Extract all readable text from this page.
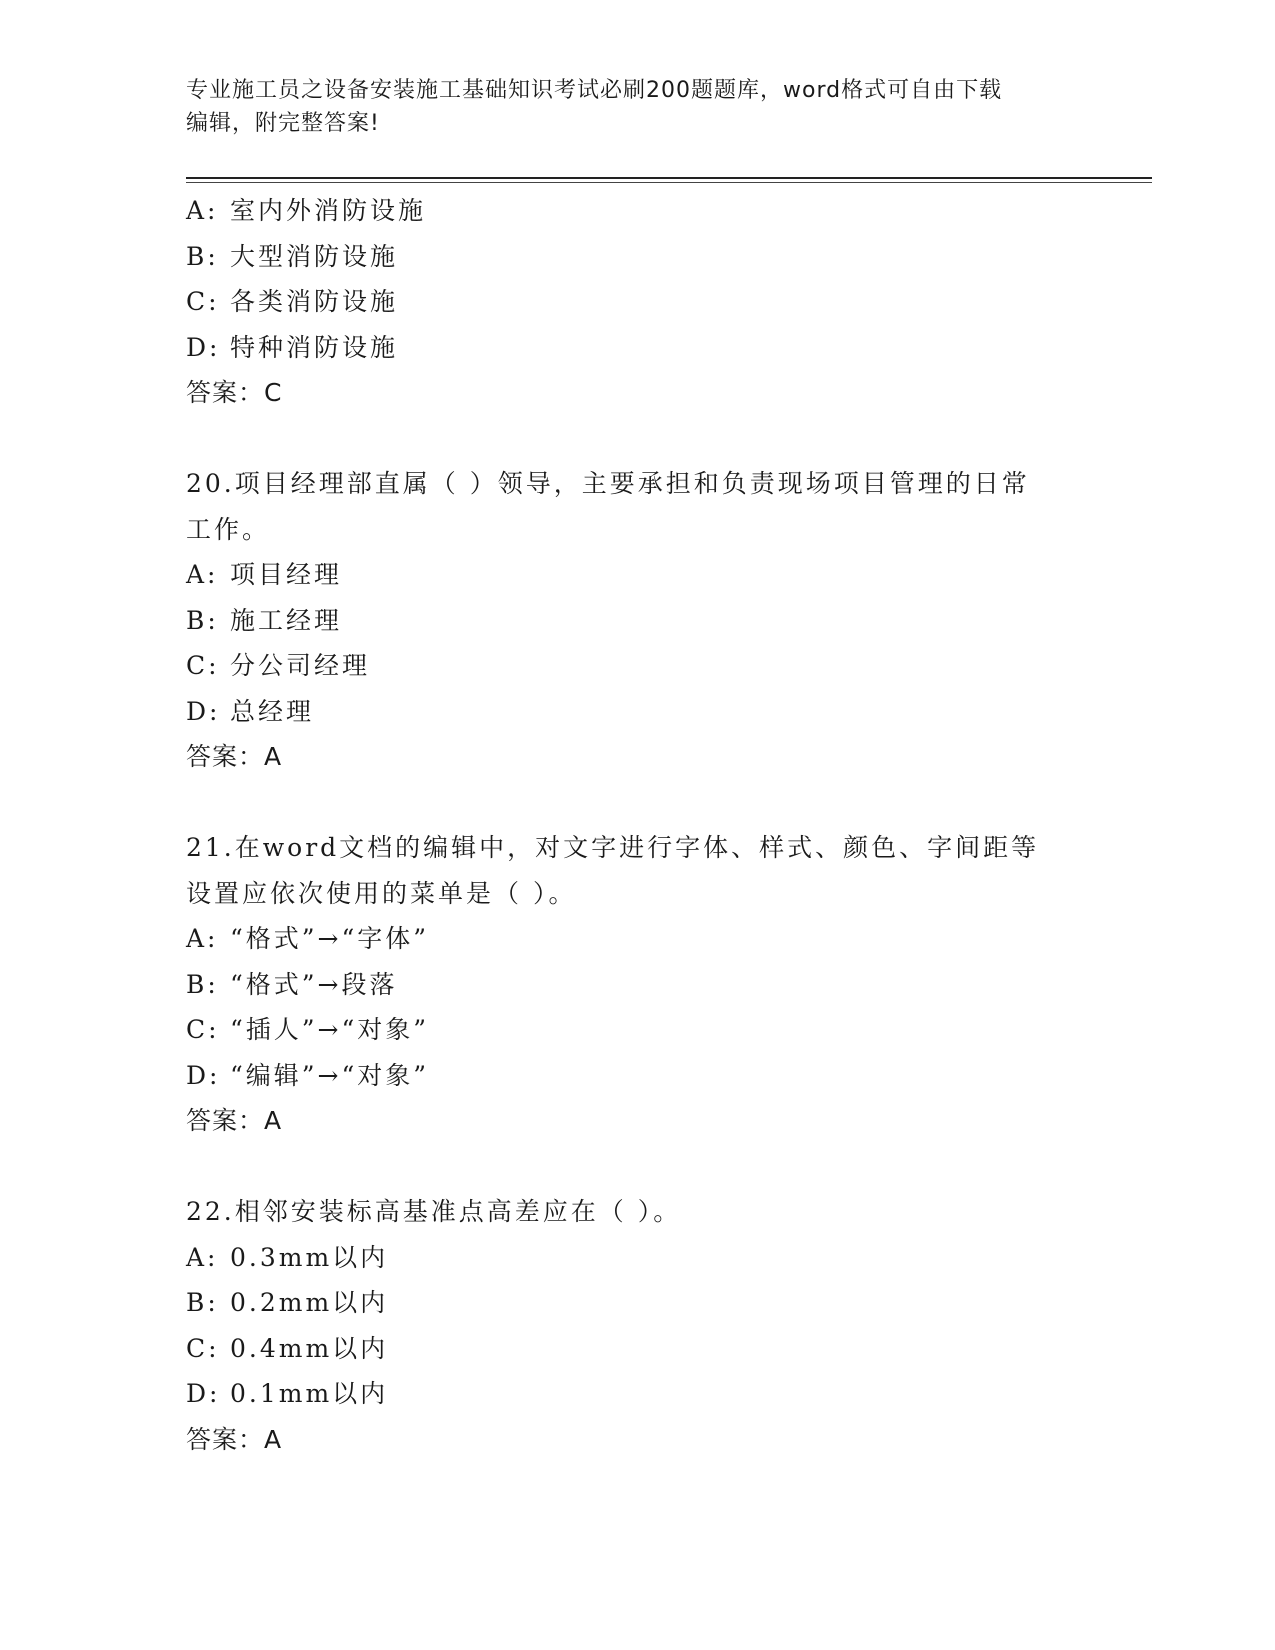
专业施工员之设备安装施工基础知识考试必刷200题题库，word格式可自由下载
编辑，附完整答案!
A: 室内外消防设施
B: 大型消防设施
C: 各类消防设施
D: 特种消防设施
答案：C
20.项目经理部直属（ ）领导，主要承担和负责现场项目管理的日常
工作。
A: 项目经理
B: 施工经理
C: 分公司经理
D: 总经理
答案：A
21.在word文档的编辑中，对文字进行字体、样式、颜色、字间距等
设置应依次使用的菜单是（ ）。
A: “格式”→“字体”
B: “格式”→段落
C: “插人”→“对象”
D: “编辑”→“对象”
答案：A
22.相邻安装标高基准点高差应在（ ）。
A: 0.3mm以内
B: 0.2mm以内
C: 0.4mm以内
D: 0.1mm以内
答案：A
